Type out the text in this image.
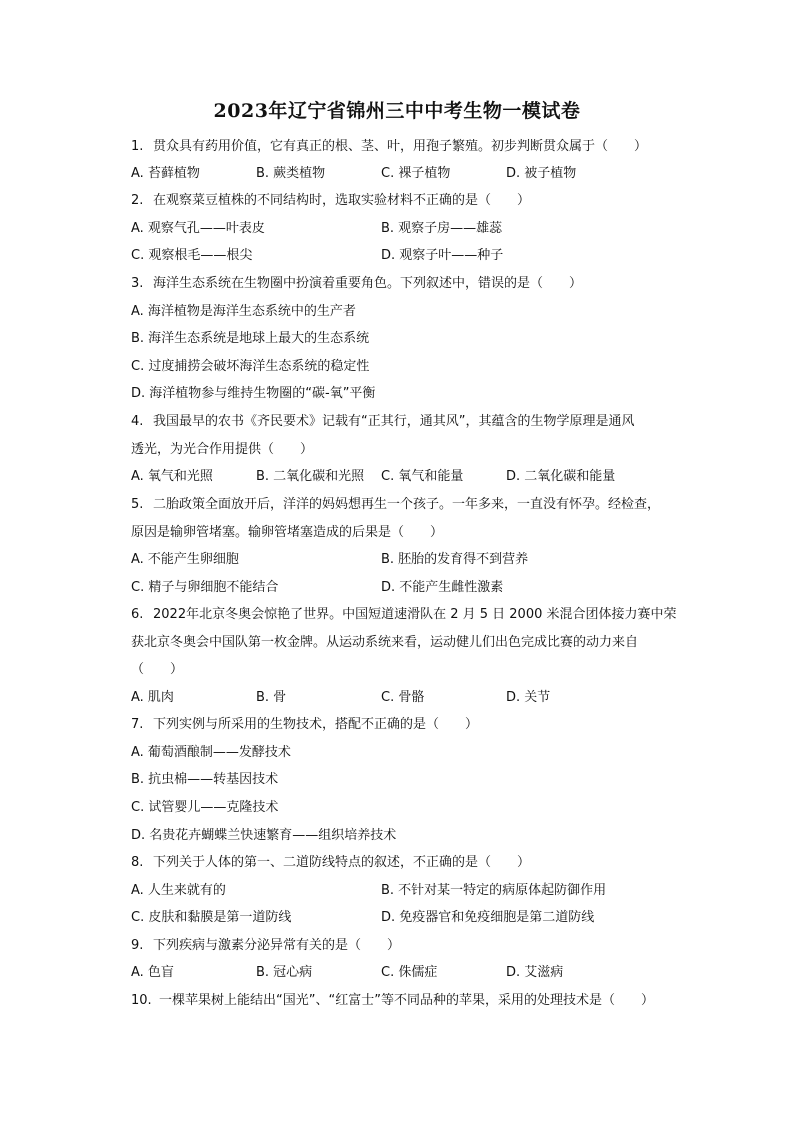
2023年辽宁省锦州三中中考生物一模试卷
1. 贯众具有药用价值，它有真正的根、茎、叶，用孢子繁殖。初步判断贯众属于（　　）
A. 苔藓植物	B. 蕨类植物	C. 裸子植物	D. 被子植物
2. 在观察菜豆植株的不同结构时，选取实验材料不正确的是（　　）
A. 观察气孔——叶表皮	B. 观察子房——雄蕊
C. 观察根毛——根尖	D. 观察子叶——种子
3. 海洋生态系统在生物圈中扮演着重要角色。下列叙述中，错误的是（　　）
A. 海洋植物是海洋生态系统中的生产者
B. 海洋生态系统是地球上最大的生态系统
C. 过度捕捞会破坏海洋生态系统的稳定性
D. 海洋植物参与维持生物圈的“碳-氧”平衡
4. 我国最早的农书《齐民要术》记载有“正其行，通其风”，其蕴含的生物学原理是通风
透光，为光合作用提供（　　）
A. 氧气和光照	B. 二氧化碳和光照 C. 氧气和能量	D. 二氧化碳和能量
5. 二胎政策全面放开后，洋洋的妈妈想再生一个孩子。一年多来，一直没有怀孕。经检查，
原因是输卵管堵塞。输卵管堵塞造成的后果是（　　）
A. 不能产生卵细胞	B. 胚胎的发育得不到营养
C. 精子与卵细胞不能结合	D. 不能产生雌性激素
6. 2022年北京冬奥会惊艳了世界。中国短道速滑队在 2 月 5 日 2000 米混合团体接力赛中荣
获北京冬奥会中国队第一枚金牌。从运动系统来看，运动健儿们出色完成比赛的动力来自
（　　）
A. 肌肉	B. 骨	C. 骨骼	D. 关节
7. 下列实例与所采用的生物技术，搭配不正确的是（　　）
A. 葡萄酒酿制——发酵技术
B. 抗虫棉——转基因技术
C. 试管婴儿——克隆技术
D. 名贵花卉蝴蝶兰快速繁育——组织培养技术
8. 下列关于人体的第一、二道防线特点的叙述，不正确的是（　　）
A. 人生来就有的	B. 不针对某一特定的病原体起防御作用
C. 皮肤和黏膜是第一道防线	D. 免疫器官和免疫细胞是第二道防线
9. 下列疾病与激素分泌异常有关的是（　　）
A. 色盲	B. 冠心病	C. 侏儒症	D. 艾滋病
10. 一棵苹果树上能结出“国光”、“红富士”等不同品种的苹果，采用的处理技术是（　　）
